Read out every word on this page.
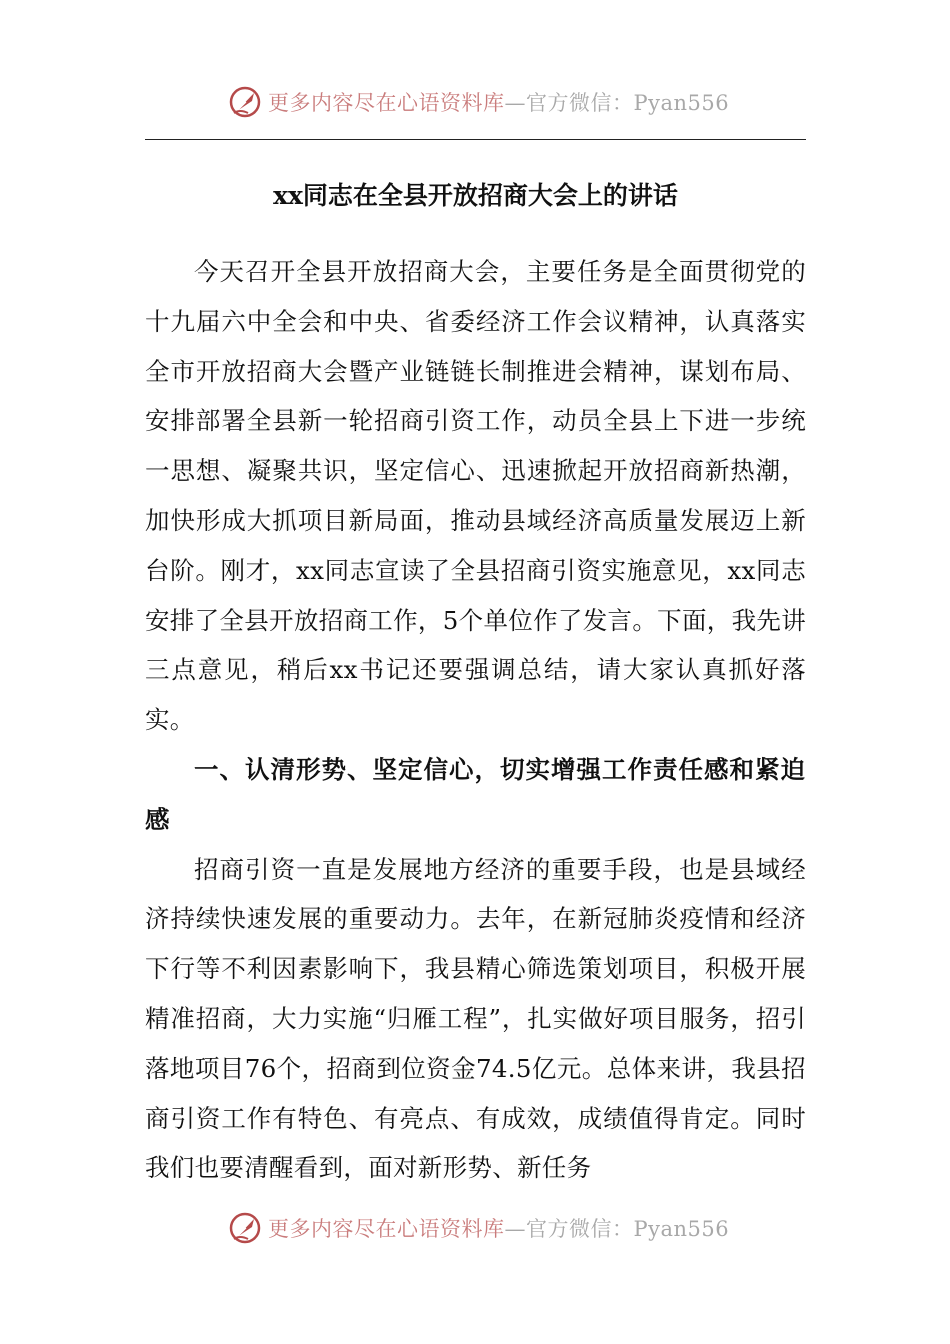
更多内容尽在心语资料库—官方微信：Pyan556
xx同志在全县开放招商大会上的讲话

今天召开全县开放招商大会，主要任务是全面贯彻党的十九届六中全会和中央、省委经济工作会议精神，认真落实全市开放招商大会暨产业链链长制推进会精神，谋划布局、安排部署全县新一轮招商引资工作，动员全县上下进一步统一思想、凝聚共识，坚定信心、迅速掀起开放招商新热潮，加快形成大抓项目新局面，推动县域经济高质量发展迈上新台阶。刚才，xx同志宣读了全县招商引资实施意见，xx同志安排了全县开放招商工作，5个单位作了发言。下面，我先讲三点意见，稍后xx书记还要强调总结，请大家认真抓好落实。

一、认清形势、坚定信心，切实增强工作责任感和紧迫感

招商引资一直是发展地方经济的重要手段，也是县域经济持续快速发展的重要动力。去年，在新冠肺炎疫情和经济下行等不利因素影响下，我县精心筛选策划项目，积极开展精准招商，大力实施“归雁工程”，扎实做好项目服务，招引落地项目76个，招商到位资金74.5亿元。总体来讲，我县招商引资工作有特色、有亮点、有成效，成绩值得肯定。同时我们也要清醒看到，面对新形势、新任务

更多内容尽在心语资料库—官方微信：Pyan556
